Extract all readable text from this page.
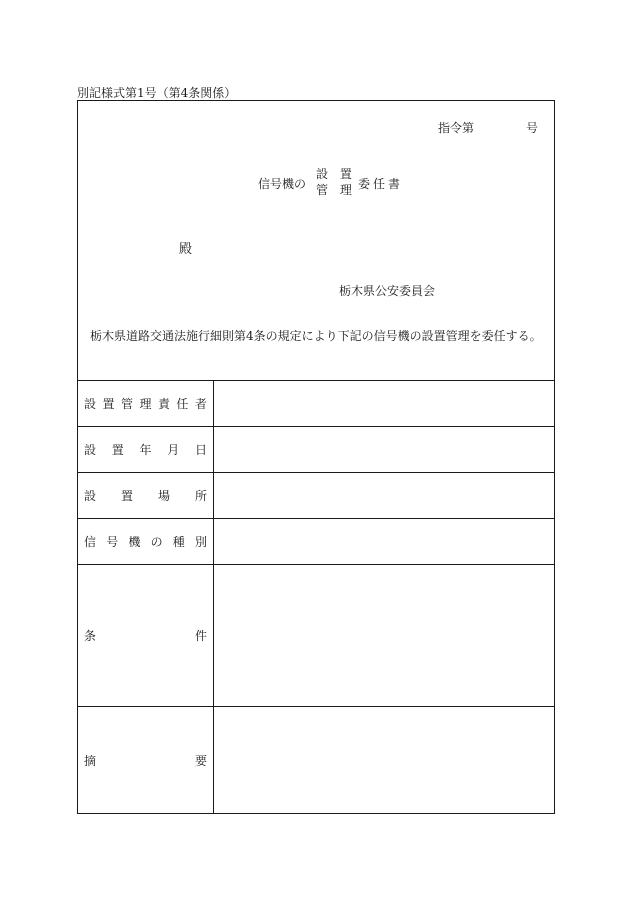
別記様式第1号（第4条関係）
指令第	号
信号機の
設 置
管 理 委任書
殿
栃木県公安委員会
栃木県道路交通法施行細則第4条の規定により下記の信号機の設置管理を委任する。
設 置 管 理 責 任 者
設 置 年 月 日
設 置 場 所
信 号 機 の 種 別
条	件
摘	要
